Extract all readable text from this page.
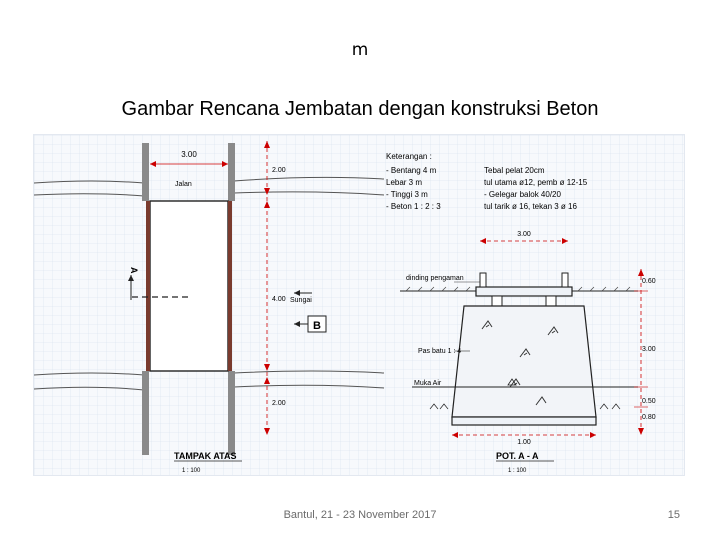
m
Gambar Rencana Jembatan dengan konstruksi Beton
3.00
Jalan
2.00
4.00
2.00
Sungai
B
A
TAMPAK ATAS
1 : 100
Keterangan :
- Bentang 4 m
Lebar 3 m
- Tinggi 3 m
- Beton 1 : 2 : 3
Tebal pelat 20cm
tul utama ø12, pemb ø 12-15
- Gelegar balok 40/20
tul tarik ø 16, tekan 3 ø 16
3.00
dinding pengaman
Pas batu 1 : 4
Muka Air
0.60
3.00
0.50
0.80
1.00
POT. A - A
1 : 100
Bantul, 21 - 23 November 2017	15
